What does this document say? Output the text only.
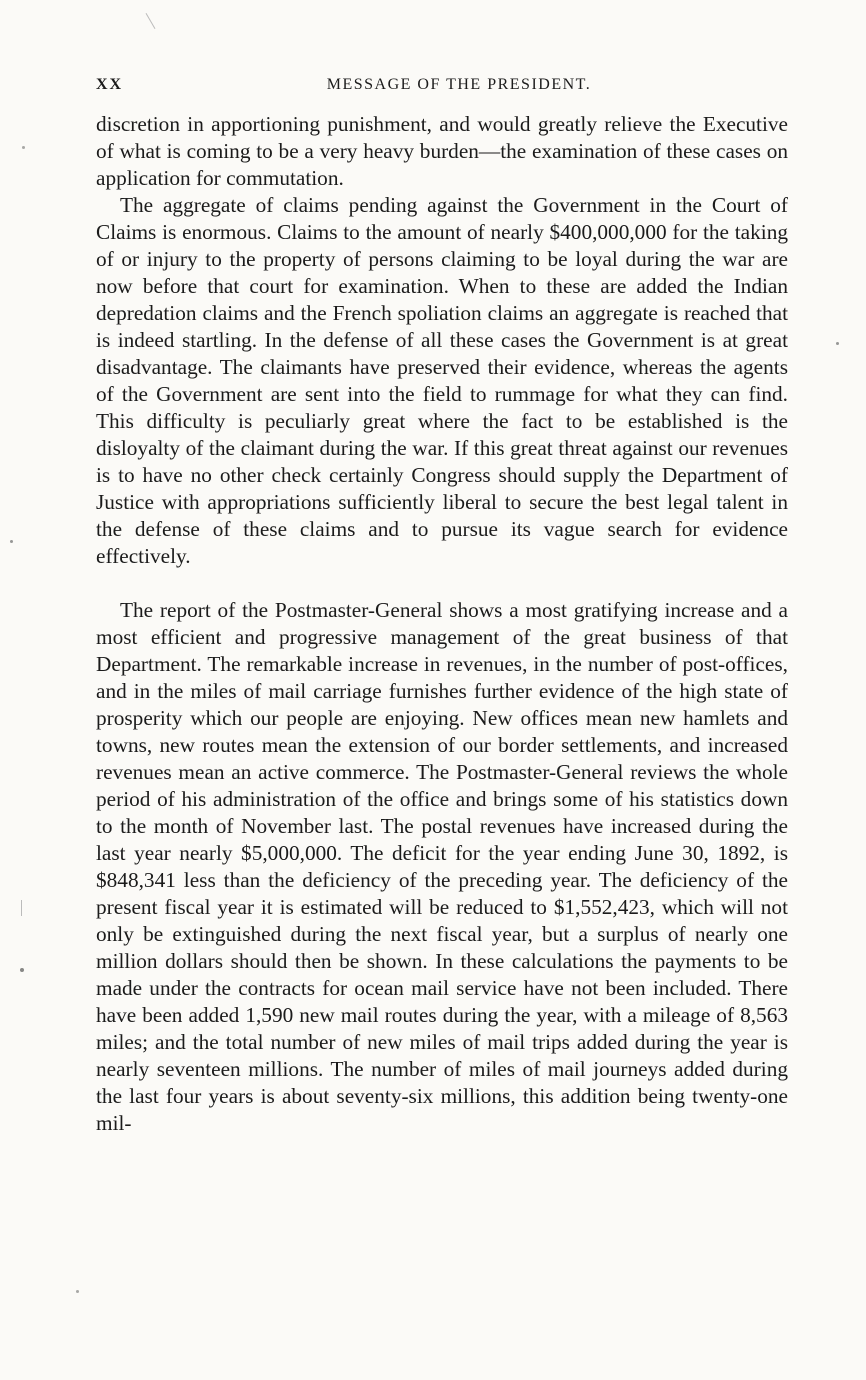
XX	MESSAGE OF THE PRESIDENT.

discretion in apportioning punishment, and would greatly relieve the Executive of what is coming to be a very heavy burden—the examination of these cases on application for commutation.

The aggregate of claims pending against the Government in the Court of Claims is enormous. Claims to the amount of nearly $400,000,000 for the taking of or injury to the property of persons claiming to be loyal during the war are now before that court for examination. When to these are added the Indian depredation claims and the French spoliation claims an aggregate is reached that is indeed startling. In the defense of all these cases the Government is at great disadvantage. The claimants have preserved their evidence, whereas the agents of the Government are sent into the field to rummage for what they can find. This difficulty is peculiarly great where the fact to be established is the disloyalty of the claimant during the war. If this great threat against our revenues is to have no other check certainly Congress should supply the Department of Justice with appropriations sufficiently liberal to secure the best legal talent in the defense of these claims and to pursue its vague search for evidence effectively.

The report of the Postmaster-General shows a most gratifying increase and a most efficient and progressive management of the great business of that Department. The remarkable increase in revenues, in the number of post-offices, and in the miles of mail carriage furnishes further evidence of the high state of prosperity which our people are enjoying. New offices mean new hamlets and towns, new routes mean the extension of our border settlements, and increased revenues mean an active commerce. The Postmaster-General reviews the whole period of his administration of the office and brings some of his statistics down to the month of November last. The postal revenues have increased during the last year nearly $5,000,000. The deficit for the year ending June 30, 1892, is $848,341 less than the deficiency of the preceding year. The deficiency of the present fiscal year it is estimated will be reduced to $1,552,423, which will not only be extinguished during the next fiscal year, but a surplus of nearly one million dollars should then be shown. In these calculations the payments to be made under the contracts for ocean mail service have not been included. There have been added 1,590 new mail routes during the year, with a mileage of 8,563 miles; and the total number of new miles of mail trips added during the year is nearly seventeen millions. The number of miles of mail journeys added during the last four years is about seventy-six millions, this addition being twenty-one mil-
